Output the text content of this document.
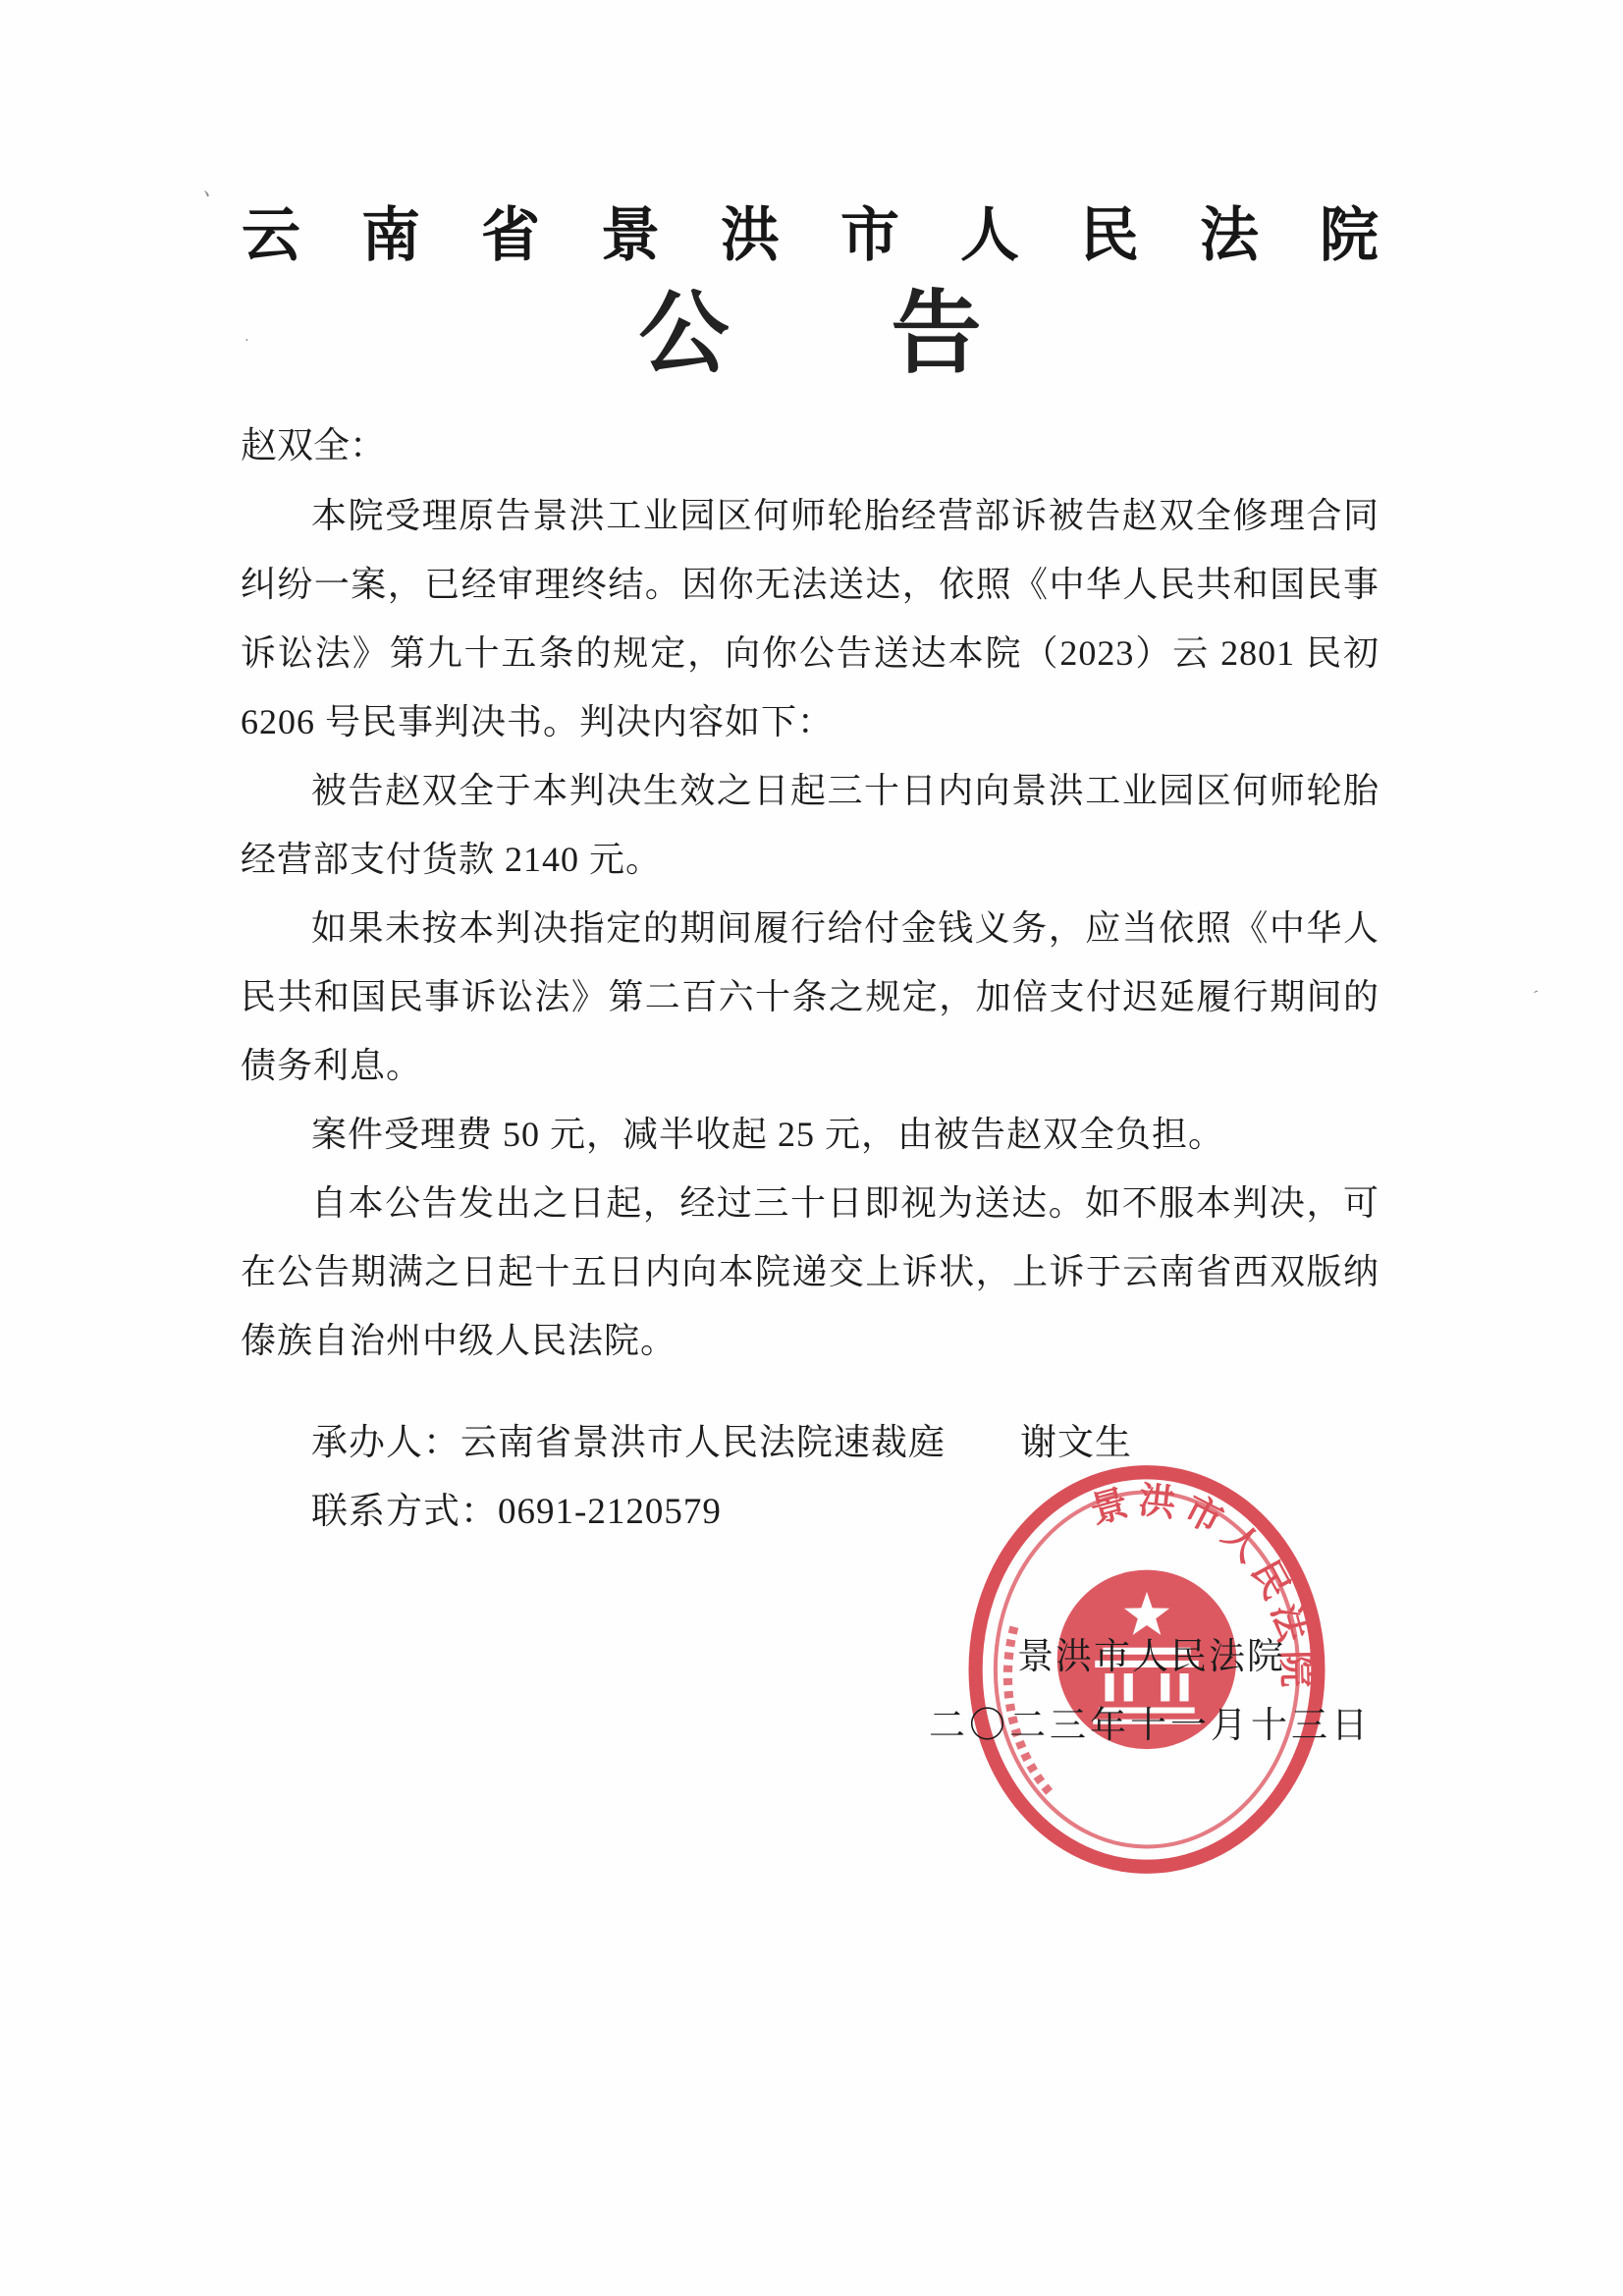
云南省景洪市人民法院
公告

赵双全：

本院受理原告景洪工业园区何师轮胎经营部诉被告赵双全修理合同纠纷一案，已经审理终结。因你无法送达，依照《中华人民共和国民事诉讼法》第九十五条的规定，向你公告送达本院（2023）云 2801 民初 6206 号民事判决书。判决内容如下：

被告赵双全于本判决生效之日起三十日内向景洪工业园区何师轮胎经营部支付货款 2140 元。

如果未按本判决指定的期间履行给付金钱义务，应当依照《中华人民共和国民事诉讼法》第二百六十条之规定，加倍支付迟延履行期间的债务利息。

案件受理费 50 元，减半收起 25 元，由被告赵双全负担。

自本公告发出之日起，经过三十日即视为送达。如不服本判决，可在公告期满之日起十五日内向本院递交上诉状，上诉于云南省西双版纳傣族自治州中级人民法院。

承办人：云南省景洪市人民法院速裁庭　　谢文生

联系方式：0691-2120579	景洪市人民法院
景洪市人民法院
二〇二三年十一月十三日
、
ˊ
·
